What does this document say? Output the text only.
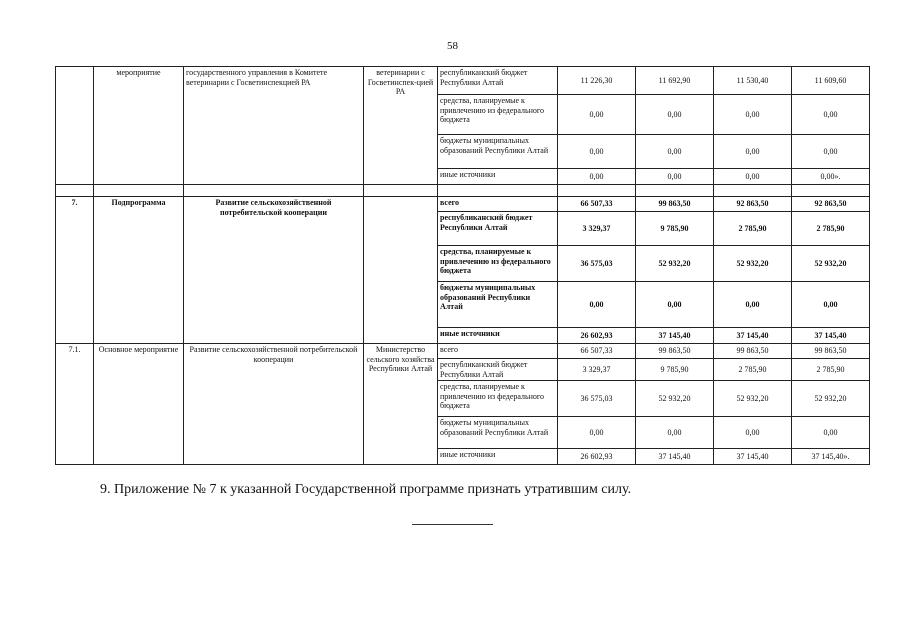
58
	мероприятие	государственного управления в Комитете ветеринарии с Госветинспекцией РА	ветеринарии с Госветинспек-цией РА	республиканский бюджет Республики Алтай	11 226,30	11 692,90	11 530,40	11 609,60
				средства, планируемые к привлечению из федерального бюджета	0,00	0,00	0,00	0,00
				бюджеты муниципальных образований Республики Алтай	0,00	0,00	0,00	0,00
				иные источники	0,00	0,00	0,00	0,00».

7.	Подпрограмма	Развитие сельскохозяйственной потребительской кооперации		всего	66 507,33	99 863,50	92 863,50	92 863,50
				республиканский бюджет Республики Алтай	3 329,37	9 785,90	2 785,90	2 785,90
				средства, планируемые к привлечению из федерального бюджета	36 575,03	52 932,20	52 932,20	52 932,20
				бюджеты муниципальных образований Республики Алтай	0,00	0,00	0,00	0,00
				иные источники	26 602,93	37 145,40	37 145,40	37 145,40
7.1.	Основное мероприятие	Развитие сельскохозяйственной потребительской кооперации	Министерство сельского хозяйства Республики Алтай	всего	66 507,33	99 863,50	99 863,50	99 863,50
				республиканский бюджет Республики Алтай	3 329,37	9 785,90	2 785,90	2 785,90
				средства, планируемые к привлечению из федерального бюджета	36 575,03	52 932,20	52 932,20	52 932,20
				бюджеты муниципальных образований Республики Алтай	0,00	0,00	0,00	0,00
				иные источники	26 602,93	37 145,40	37 145,40	37 145,40».
9. Приложение № 7 к указанной Государственной программе признать утратившим силу.
